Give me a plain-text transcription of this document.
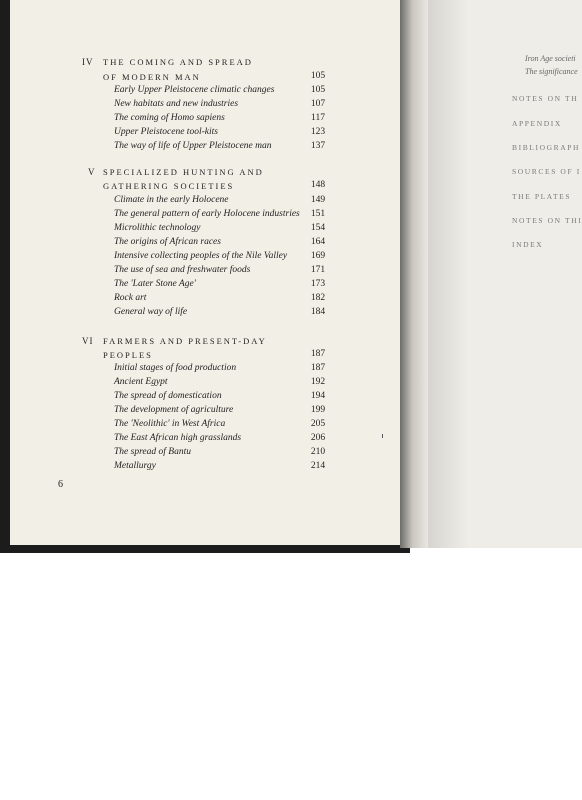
IV THE COMING AND SPREAD
OF MODERN MAN	105
Early Upper Pleistocene climatic changes	105
New habitats and new industries	107
The coming of Homo sapiens	117
Upper Pleistocene tool-kits	123
The way of life of Upper Pleistocene man	137
V SPECIALIZED HUNTING AND
GATHERING SOCIETIES	148
Climate in the early Holocene	149
The general pattern of early Holocene industries	151
Microlithic technology	154
The origins of African races	164
Intensive collecting peoples of the Nile Valley	169
The use of sea and freshwater foods	171
The 'Later Stone Age'	173
Rock art	182
General way of life	184
VI FARMERS AND PRESENT-DAY
PEOPLES	187
Initial stages of food production	187
Ancient Egypt	192
The spread of domestication	194
The development of agriculture	199
The 'Neolithic' in West Africa	205
The East African high grasslands	206
The spread of Bantu	210
Metallurgy	214
6
Iron Age societi
The significance
NOTES ON TH
APPENDIX
BIBLIOGRAPH
SOURCES OF I
THE PLATES
NOTES ON THI
INDEX
